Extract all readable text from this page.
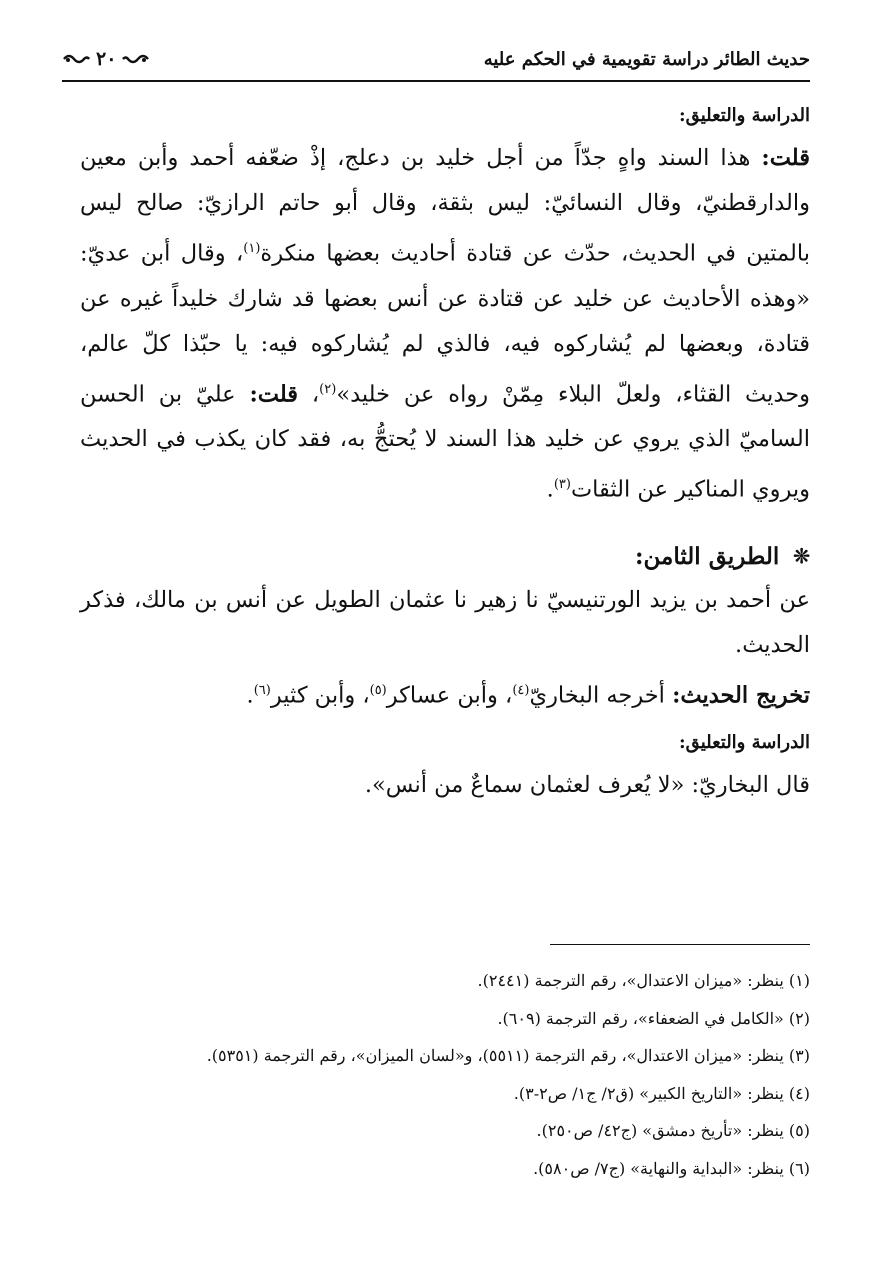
حديث الطائر دراسة تقويمية في الحكم عليه
٢٠
الدراسة والتعليق:

قلت: هذا السند واهٍ جدّاً من أجل خليد بن دعلج، إذْ ضعّفه أحمد وأبن معين والدارقطنيّ، وقال النسائيّ: ليس بثقة، وقال أبو حاتم الرازيّ: صالح ليس بالمتين في الحديث، حدّث عن قتادة أحاديث بعضها منكرة$^{(١)}$، وقال أبن عديّ: «وهذه الأحاديث عن خليد عن قتادة عن أنس بعضها قد شارك خليداً غيره عن قتادة، وبعضها لم يُشاركوه فيه، فالذي لم يُشاركوه فيه: يا حبّذا كلّ عالم، وحديث القثاء، ولعلّ البلاء مِمّنْ رواه عن خليد»$^{(٢)}$، قلت: عليّ بن الحسن الساميّ الذي يروي عن خليد هذا السند لا يُحتجُّ به، فقد كان يكذب في الحديث ويروي المناكير عن الثقات$^{(٣)}$.

❊
الطريق الثامن:

عن أحمد بن يزيد الورتنيسيّ نا زهير نا عثمان الطويل عن أنس بن مالك، فذكر الحديث.

تخريج الحديث: أخرجه البخاريّ$^{(٤)}$، وأبن عساكر$^{(٥)}$، وأبن كثير$^{(٦)}$.

الدراسة والتعليق:

قال البخاريّ: «لا يُعرف لعثمان سماعٌ من أنس».

(١) ينظر: «ميزان الاعتدال»، رقم الترجمة (٢٤٤١).
(٢) «الكامل في الضعفاء»، رقم الترجمة (٦٠٩).
(٣) ينظر: «ميزان الاعتدال»، رقم الترجمة (٥٥١١)، و«لسان الميزان»، رقم الترجمة (٥٣٥١).
(٤) ينظر: «التاريخ الكبير» (ق٢/ ج١/ ص٢-٣).
(٥) ينظر: «تأريخ دمشق» (ج٤٢/ ص٢٥٠).
(٦) ينظر: «البداية والنهاية» (ج٧/ ص٥٨٠).
